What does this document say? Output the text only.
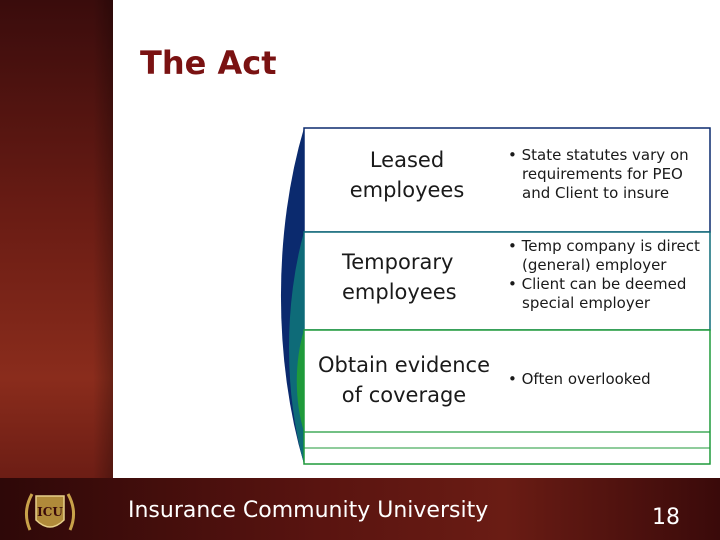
The Act
Leased
employees
• State statutes vary on
requirements for PEO
and Client to insure
Temporary
employees
• Temp company is direct
(general) employer
• Client can be deemed
special employer
Obtain evidence
of coverage
• Often overlooked
ICU	Insurance Community University	18
